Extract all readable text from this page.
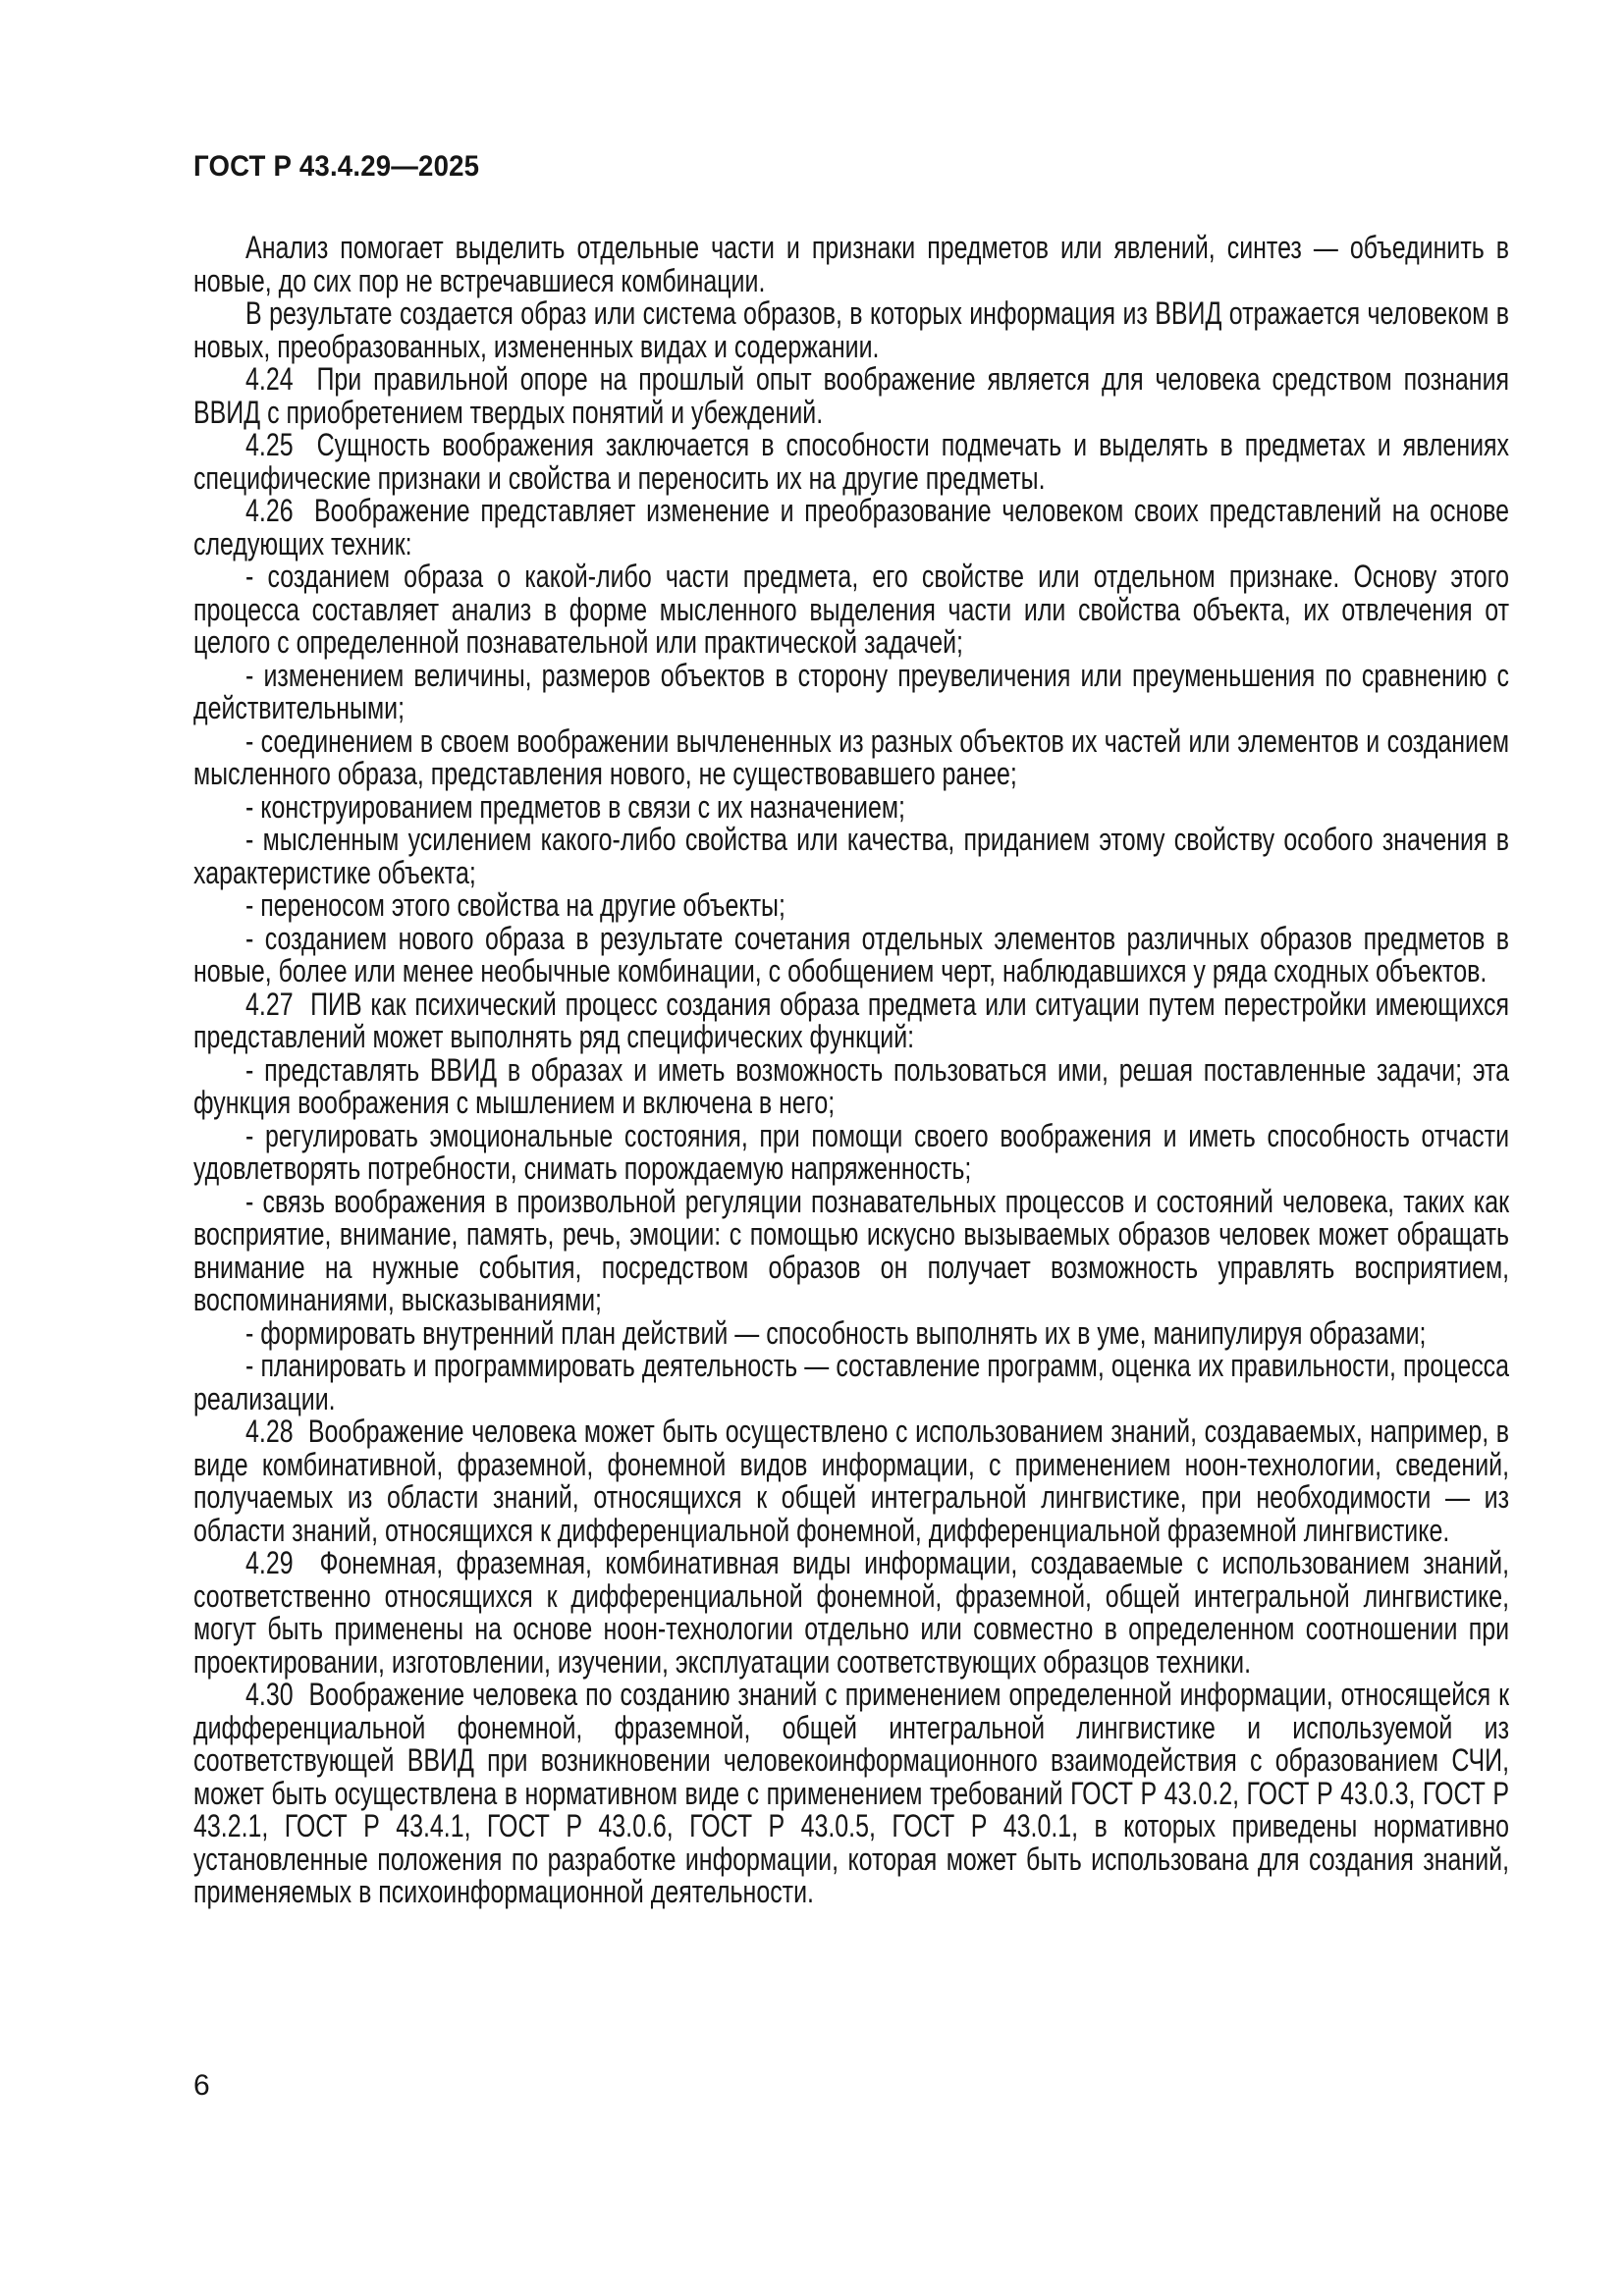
ГОСТ Р 43.4.29—2025

Анализ помогает выделить отдельные части и признаки предметов или явлений, синтез — объединить в новые, до сих пор не встречавшиеся комбинации.

В результате создается образ или система образов, в которых информация из ВВИД отражается человеком в новых, преобразованных, измененных видах и содержании.

4.24  При правильной опоре на прошлый опыт воображение является для человека средством познания ВВИД с приобретением твердых понятий и убеждений.

4.25  Сущность воображения заключается в способности подмечать и выделять в предметах и явлениях специфические признаки и свойства и переносить их на другие предметы.

4.26  Воображение представляет изменение и преобразование человеком своих представлений на основе следующих техник:

- созданием образа о какой-либо части предмета, его свойстве или отдельном признаке. Основу этого процесса составляет анализ в форме мысленного выделения части или свойства объекта, их отвлечения от целого с определенной познавательной или практической задачей;

- изменением величины, размеров объектов в сторону преувеличения или преуменьшения по сравнению с действительными;

- соединением в своем воображении вычлененных из разных объектов их частей или элементов и созданием мысленного образа, представления нового, не существовавшего ранее;

- конструированием предметов в связи с их назначением;

- мысленным усилением какого-либо свойства или качества, приданием этому свойству особого значения в характеристике объекта;

- переносом этого свойства на другие объекты;

- созданием нового образа в результате сочетания отдельных элементов различных образов предметов в новые, более или менее необычные комбинации, с обобщением черт, наблюдавшихся у ряда сходных объектов.

4.27  ПИВ как психический процесс создания образа предмета или ситуации путем перестройки имеющихся представлений может выполнять ряд специфических функций:

- представлять ВВИД в образах и иметь возможность пользоваться ими, решая поставленные задачи; эта функция воображения с мышлением и включена в него;

- регулировать эмоциональные состояния, при помощи своего воображения и иметь способность отчасти удовлетворять потребности, снимать порождаемую напряженность;

- связь воображения в произвольной регуляции познавательных процессов и состояний человека, таких как восприятие, внимание, память, речь, эмоции: с помощью искусно вызываемых образов человек может обращать внимание на нужные события, посредством образов он получает возможность управлять восприятием, воспоминаниями, высказываниями;

- формировать внутренний план действий — способность выполнять их в уме, манипулируя образами;

- планировать и программировать деятельность — составление программ, оценка их правильности, процесса реализации.

4.28  Воображение человека может быть осуществлено с использованием знаний, создаваемых, например, в виде комбинативной, фраземной, фонемной видов информации, с применением ноон-технологии, сведений, получаемых из области знаний, относящихся к общей интегральной лингвистике, при необходимости — из области знаний, относящихся к дифференциальной фонемной, дифференциальной фраземной лингвистике.

4.29  Фонемная, фраземная, комбинативная виды информации, создаваемые с использованием знаний, соответственно относящихся к дифференциальной фонемной, фраземной, общей интегральной лингвистике, могут быть применены на основе ноон-технологии отдельно или совместно в определенном соотношении при проектировании, изготовлении, изучении, эксплуатации соответствующих образцов техники.

4.30  Воображение человека по созданию знаний с применением определенной информации, относящейся к дифференциальной фонемной, фраземной, общей интегральной лингвистике и используемой из соответствующей ВВИД при возникновении человекоинформационного взаимодействия с образованием СЧИ, может быть осуществлена в нормативном виде с применением требований ГОСТ Р 43.0.2, ГОСТ Р 43.0.3, ГОСТ Р 43.2.1, ГОСТ Р 43.4.1, ГОСТ Р 43.0.6, ГОСТ Р 43.0.5, ГОСТ Р 43.0.1, в которых приведены нормативно установленные положения по разработке информации, которая может быть использована для создания знаний, применяемых в психоинформационной деятельности.

6
